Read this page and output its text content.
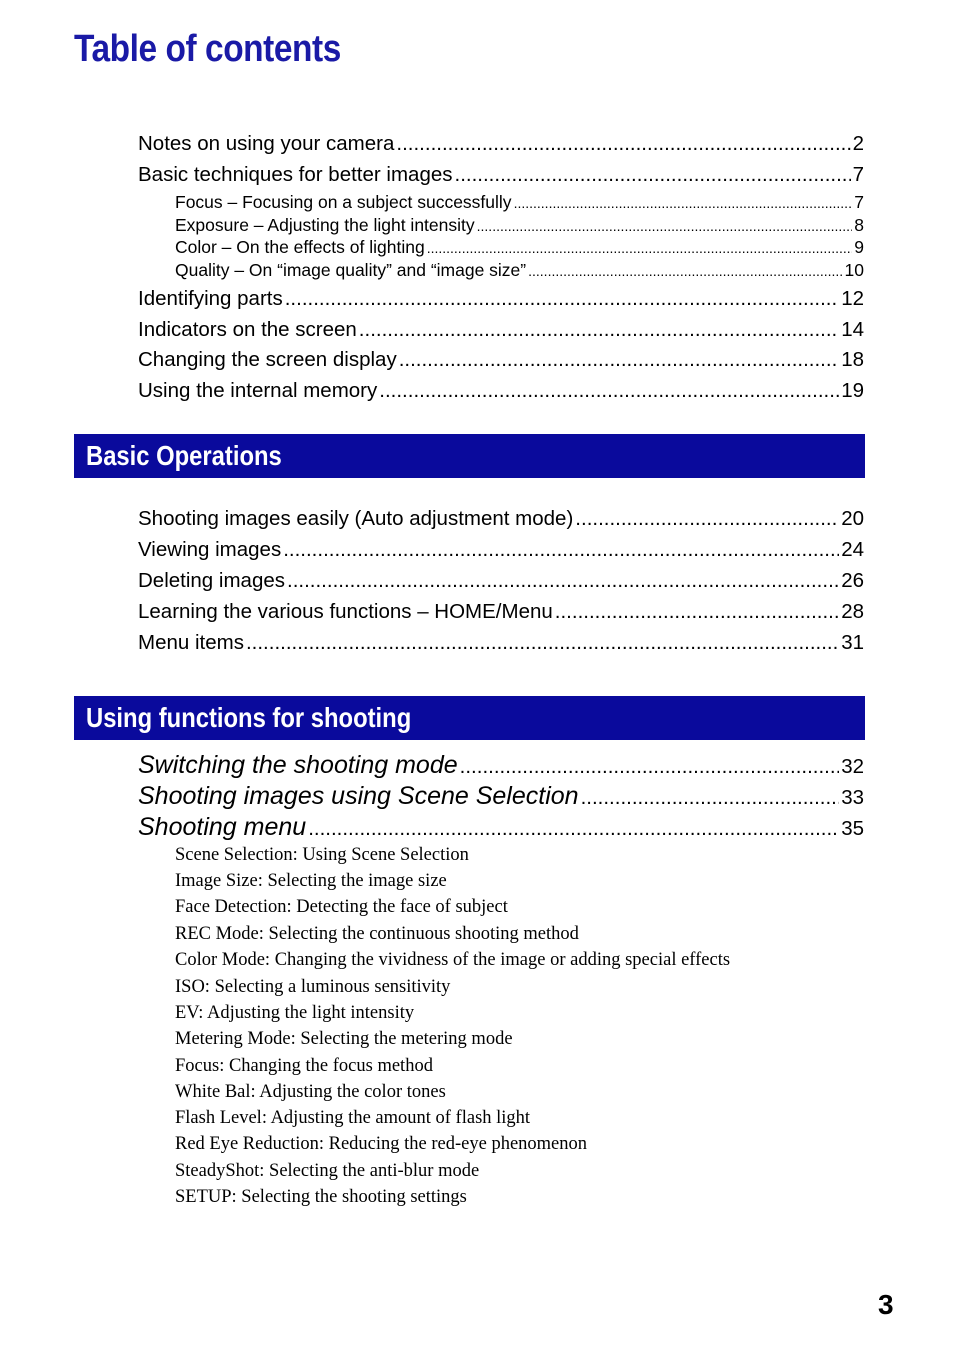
Table of contents
Notes on using your camera .....	2
Basic techniques for better images .....	7
Focus – Focusing on a subject successfully .....	7
Exposure – Adjusting the light intensity .....	8
Color – On the effects of lighting .....	9
Quality – On “image quality” and “image size” .....	10
Identifying parts .....	12
Indicators on the screen .....	14
Changing the screen display .....	18
Using the internal memory .....	19
Basic Operations
Shooting images easily (Auto adjustment mode) .....	20
Viewing images .....	24
Deleting images .....	26
Learning the various functions – HOME/Menu .....	28
Menu items .....	31
Using functions for shooting
Switching the shooting mode .....	32
Shooting images using Scene Selection .....	33
Shooting menu .....	35

Scene Selection: Using Scene Selection

Image Size: Selecting the image size

Face Detection: Detecting the face of subject

REC Mode: Selecting the continuous shooting method

Color Mode: Changing the vividness of the image or adding special effects

ISO: Selecting a luminous sensitivity

EV: Adjusting the light intensity

Metering Mode: Selecting the metering mode

Focus: Changing the focus method

White Bal: Adjusting the color tones

Flash Level: Adjusting the amount of flash light

Red Eye Reduction: Reducing the red-eye phenomenon

SteadyShot: Selecting the anti-blur mode

SETUP: Selecting the shooting settings

3
